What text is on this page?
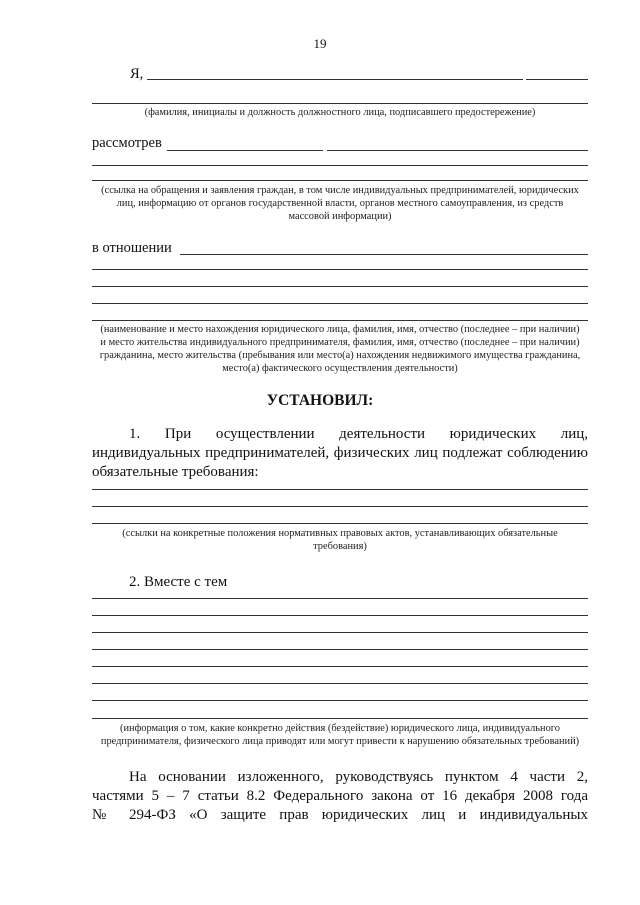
19
Я,
(фамилия, инициалы и должность должностного лица, подписавшего предостережение)
рассмотрев
(ссылка на обращения и заявления граждан, в том числе индивидуальных предпринимателей, юридических
лиц, информацию от органов государственной власти, органов местного самоуправления, из средств
массовой информации)
в отношении
(наименование и место нахождения юридического лица, фамилия, имя, отчество (последнее – при наличии)
и место жительства индивидуального предпринимателя, фамилия, имя, отчество (последнее – при наличии)
гражданина, место жительства (пребывания или место(а) нахождения недвижимого имущества гражданина,
место(а) фактического осуществления деятельности)
УСТАНОВИЛ:
1. При осуществлении деятельности юридических лиц,
индивидуальных предпринимателей, физических лиц подлежат соблюдению
обязательные требования:
(ссылки на конкретные положения нормативных правовых актов, устанавливающих обязательные
требования)
2. Вместе с тем
(информация о том, какие конкретно действия (бездействие) юридического лица, индивидуального
предпринимателя, физического лица приводят или могут привести к нарушению обязательных требований)
На основании изложенного, руководствуясь пунктом 4 части 2,
частями 5 – 7 статьи 8.2 Федерального закона от 16 декабря 2008 года
№ 294-ФЗ «О защите прав юридических лиц и индивидуальных
